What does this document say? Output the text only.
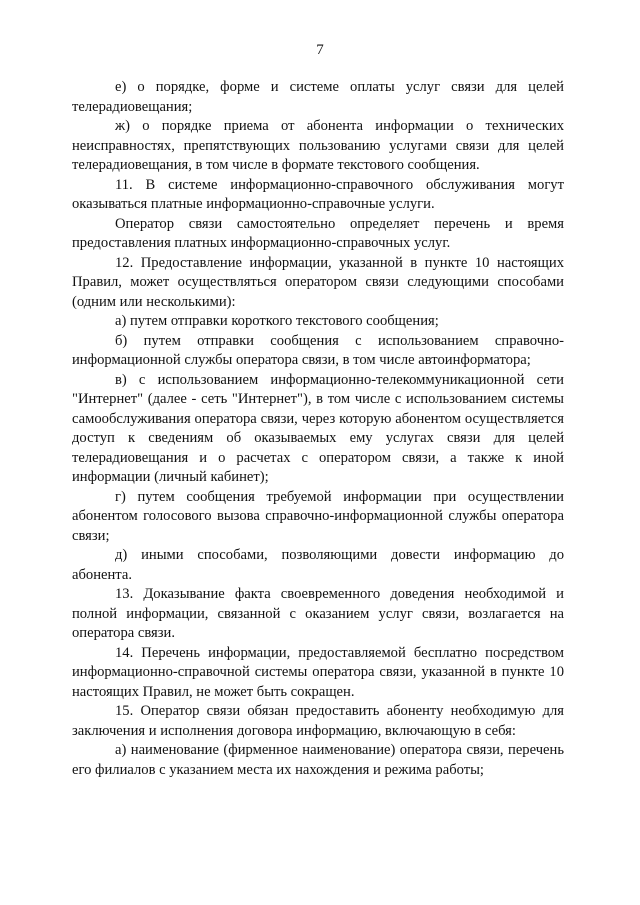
7

е) о порядке, форме и системе оплаты услуг связи для целей телерадиовещания;

ж) о порядке приема от абонента информации о технических неисправностях, препятствующих пользованию услугами связи для целей телерадиовещания, в том числе в формате текстового сообщения.

11. В системе информационно-справочного обслуживания могут оказываться платные информационно-справочные услуги.

Оператор связи самостоятельно определяет перечень и время предоставления платных информационно-справочных услуг.

12. Предоставление информации, указанной в пункте 10 настоящих Правил, может осуществляться оператором связи следующими способами (одним или несколькими):

а) путем отправки короткого текстового сообщения;

б) путем отправки сообщения с использованием справочно-информационной службы оператора связи, в том числе автоинформатора;

в) с использованием информационно-телекоммуникационной сети "Интернет" (далее - сеть "Интернет"), в том числе с использованием системы самообслуживания оператора связи, через которую абонентом осуществляется доступ к сведениям об оказываемых ему услугах связи для целей телерадиовещания и о расчетах с оператором связи, а также к иной информации (личный кабинет);

г) путем сообщения требуемой информации при осуществлении абонентом голосового вызова справочно-информационной службы оператора связи;

д) иными способами, позволяющими довести информацию до абонента.

13. Доказывание факта своевременного доведения необходимой и полной информации, связанной с оказанием услуг связи, возлагается на оператора связи.

14. Перечень информации, предоставляемой бесплатно посредством информационно-справочной системы оператора связи, указанной в пункте 10 настоящих Правил, не может быть сокращен.

15. Оператор связи обязан предоставить абоненту необходимую для заключения и исполнения договора информацию, включающую в себя:

а) наименование (фирменное наименование) оператора связи, перечень его филиалов с указанием места их нахождения и режима работы;
